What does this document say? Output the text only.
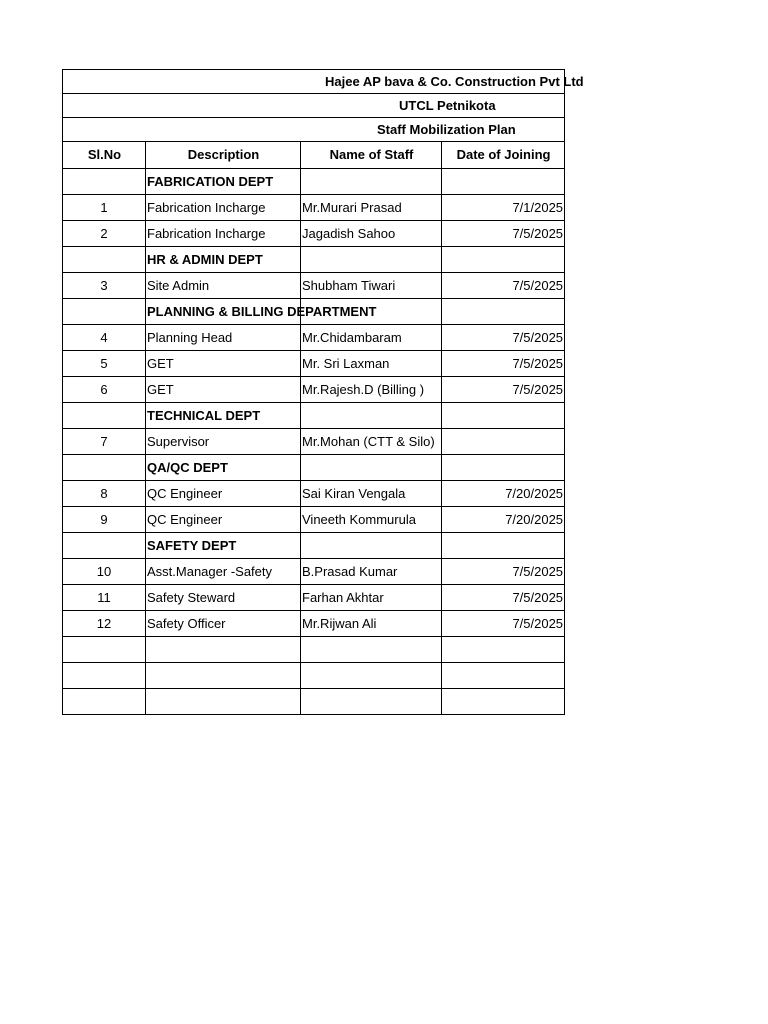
Hajee AP bava & Co. Construction Pvt Ltd			
UTCL Petnikota			
Staff Mobilization Plan			
Sl.No	Description	Name of Staff	Date of Joining
	FABRICATION DEPT		
1	Fabrication Incharge	Mr.Murari Prasad	7/1/2025
2	Fabrication Incharge	Jagadish Sahoo	7/5/2025
	HR & ADMIN DEPT		
3	Site Admin	Shubham Tiwari	7/5/2025
	PLANNING & BILLING DEPARTMENT		
4	Planning Head	Mr.Chidambaram	7/5/2025
5	GET	Mr. Sri Laxman	7/5/2025
6	GET	Mr.Rajesh.D (Billing )	7/5/2025
	TECHNICAL DEPT		
7	Supervisor	Mr.Mohan (CTT & Silo)	
	QA/QC DEPT		
8	QC Engineer	Sai Kiran Vengala	7/20/2025
9	QC Engineer	Vineeth Kommurula	7/20/2025
	SAFETY DEPT		
10	Asst.Manager -Safety	B.Prasad Kumar	7/5/2025
11	Safety Steward	Farhan Akhtar	7/5/2025
12	Safety Officer	Mr.Rijwan Ali	7/5/2025
